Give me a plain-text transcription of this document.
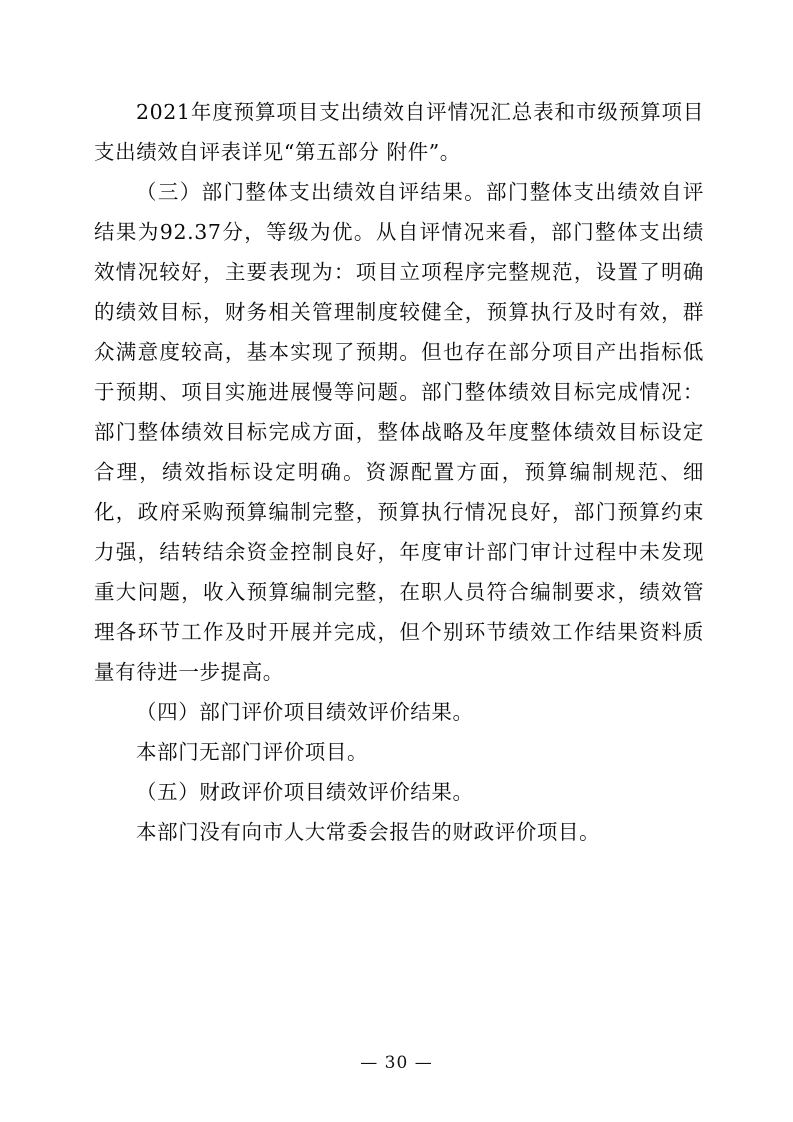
2021年度预算项目支出绩效自评情况汇总表和市级预算项目支出绩效自评表详见“第五部分 附件”。

（三）部门整体支出绩效自评结果。部门整体支出绩效自评结果为92.37分，等级为优。从自评情况来看，部门整体支出绩效情况较好，主要表现为：项目立项程序完整规范，设置了明确的绩效目标，财务相关管理制度较健全，预算执行及时有效，群众满意度较高，基本实现了预期。但也存在部分项目产出指标低于预期、项目实施进展慢等问题。部门整体绩效目标完成情况：部门整体绩效目标完成方面，整体战略及年度整体绩效目标设定合理，绩效指标设定明确。资源配置方面，预算编制规范、细化，政府采购预算编制完整，预算执行情况良好，部门预算约束力强，结转结余资金控制良好，年度审计部门审计过程中未发现重大问题，收入预算编制完整，在职人员符合编制要求，绩效管理各环节工作及时开展并完成，但个别环节绩效工作结果资料质量有待进一步提高。

（四）部门评价项目绩效评价结果。

本部门无部门评价项目。

（五）财政评价项目绩效评价结果。

本部门没有向市人大常委会报告的财政评价项目。

— 30 —
